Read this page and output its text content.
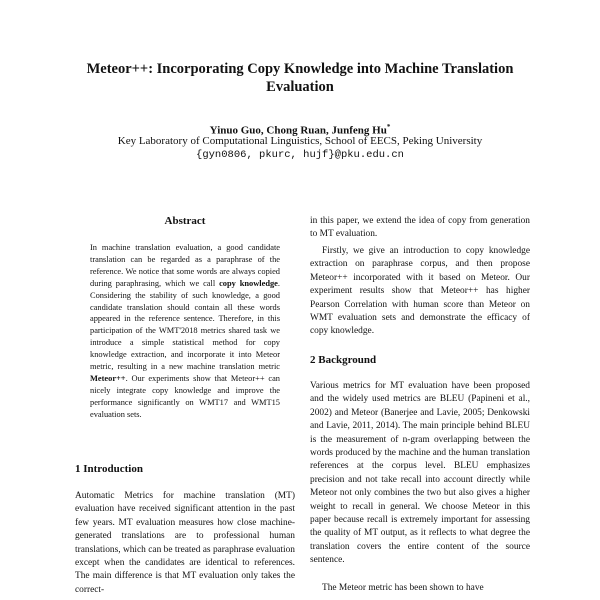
Meteor++: Incorporating Copy Knowledge into Machine Translation Evaluation
Yinuo Guo, Chong Ruan, Junfeng Hu*
Key Laboratory of Computational Linguistics, School of EECS, Peking University
{gyn0806, pkurc, hujf}@pku.edu.cn
Abstract
In machine translation evaluation, a good candidate translation can be regarded as a paraphrase of the reference. We notice that some words are always copied during paraphrasing, which we call copy knowledge. Considering the stability of such knowledge, a good candidate translation should contain all these words appeared in the reference sentence. Therefore, in this participation of the WMT'2018 metrics shared task we introduce a simple statistical method for copy knowledge extraction, and incorporate it into Meteor metric, resulting in a new machine translation metric Meteor++. Our experiments show that Meteor++ can nicely integrate copy knowledge and improve the performance significantly on WMT17 and WMT15 evaluation sets.
1 Introduction
Automatic Metrics for machine translation (MT) evaluation have received significant attention in the past few years. MT evaluation measures how close machine-generated translations are to professional human translations, which can be treated as paraphrase evaluation except when the candidates are identical to references. The main difference is that MT evaluation only takes the correct-

in this paper, we extend the idea of copy from generation to MT evaluation.

Firstly, we give an introduction to copy knowledge extraction on paraphrase corpus, and then propose Meteor++ incorporated with it based on Meteor. Our experiment results show that Meteor++ has higher Pearson Correlation with human score than Meteor on WMT evaluation sets and demonstrate the efficacy of copy knowledge.

2 Background

Various metrics for MT evaluation have been proposed and the widely used metrics are BLEU (Papineni et al., 2002) and Meteor (Banerjee and Lavie, 2005; Denkowski and Lavie, 2011, 2014). The main principle behind BLEU is the measurement of n-gram overlapping between the words produced by the machine and the human translation references at the corpus level. BLEU emphasizes precision and not take recall into account directly while Meteor not only combines the two but also gives a higher weight to recall in general. We choose Meteor in this paper because recall is extremely important for assessing the quality of MT output, as it reflects to what degree the translation covers the entire content of the source sentence.

The Meteor metric has been shown to have
